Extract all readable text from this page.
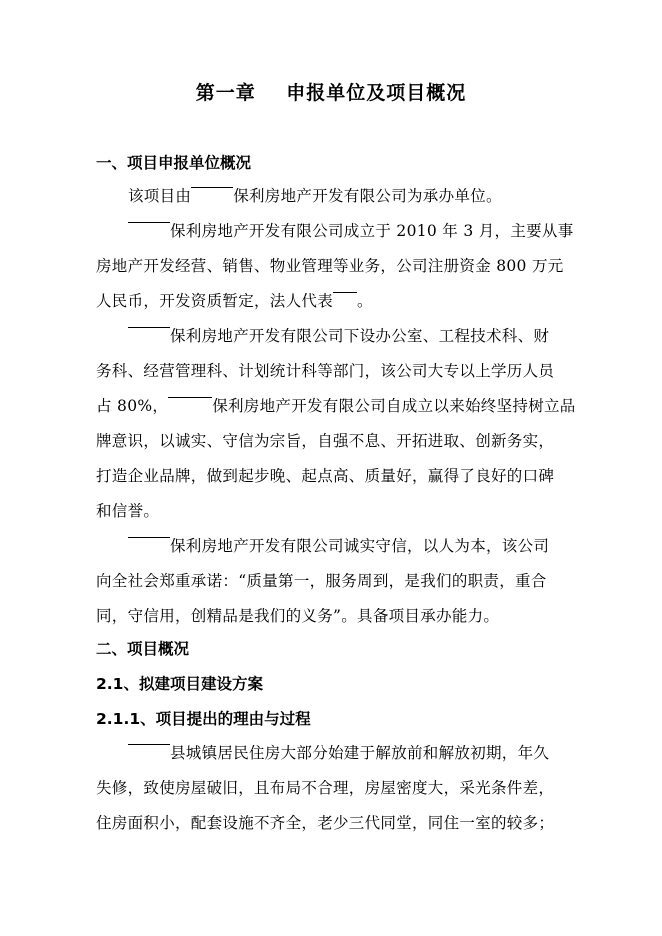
第一章    申报单位及项目概况
一、项目申报单位概况
该项目由	保利房地产开发有限公司为承办单位。
保利房地产开发有限公司成立于 2010 年 3 月，主要从事
房地产开发经营、销售、物业管理等业务，公司注册资金 800 万元
人民币，开发资质暂定，法人代表 。
保利房地产开发有限公司下设办公室、工程技术科、财
务科、经营管理科、计划统计科等部门，该公司大专以上学历人员
占 80%，	保利房地产开发有限公司自成立以来始终坚持树立品
牌意识，以诚实、守信为宗旨，自强不息、开拓进取、创新务实，
打造企业品牌，做到起步晚、起点高、质量好，赢得了良好的口碑
和信誉。
保利房地产开发有限公司诚实守信，以人为本，该公司
向全社会郑重承诺：“质量第一，服务周到，是我们的职责，重合
同，守信用，创精品是我们的义务”。具备项目承办能力。
二、项目概况
2.1、拟建项目建设方案
2.1.1、项目提出的理由与过程
县城镇居民住房大部分始建于解放前和解放初期，年久
失修，致使房屋破旧，且布局不合理，房屋密度大，采光条件差，
住房面积小，配套设施不齐全，老少三代同堂，同住一室的较多；
